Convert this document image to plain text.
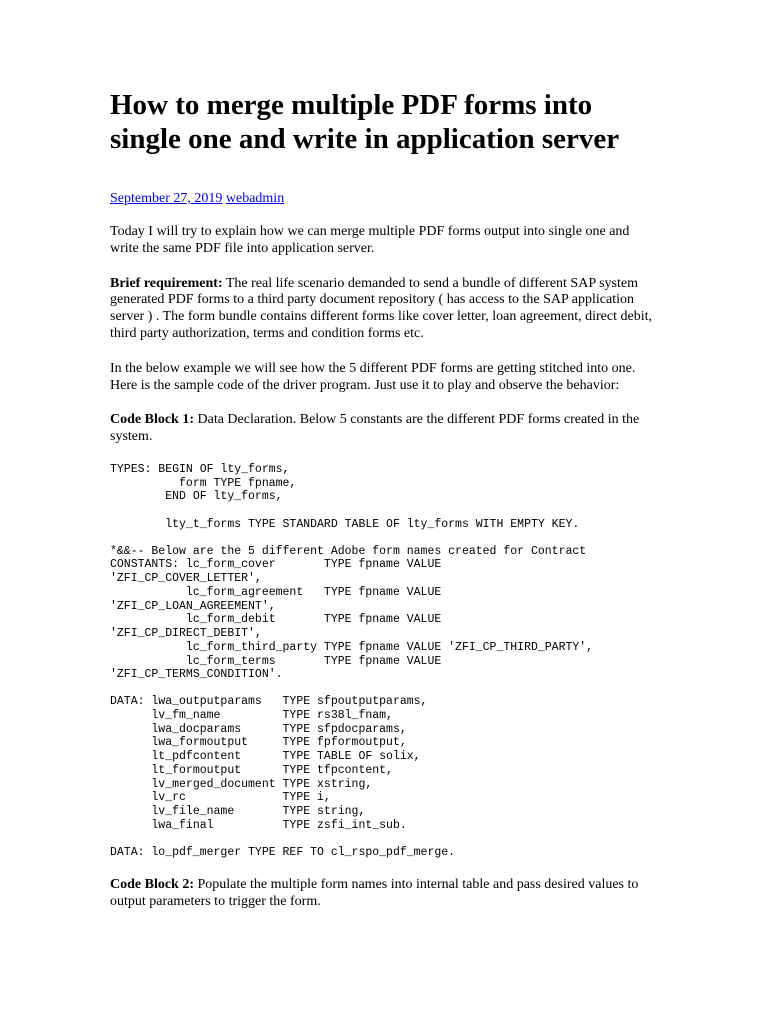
How to merge multiple PDF forms into single one and write in application server
September 27, 2019 webadmin

Today I will try to explain how we can merge multiple PDF forms output into single one and write the same PDF file into application server.

Brief requirement: The real life scenario demanded to send a bundle of different SAP system generated PDF forms to a third party document repository ( has access to the SAP application server ) . The form bundle contains different forms like cover letter, loan agreement, direct debit, third party authorization, terms and condition forms etc.

In the below example we will see how the 5 different PDF forms are getting stitched into one. Here is the sample code of the driver program. Just use it to play and observe the behavior:

Code Block 1: Data Declaration. Below 5 constants are the different PDF forms created in the system.

TYPES: BEGIN OF lty_forms,
form TYPE fpname,
END OF lty_forms,
lty_t_forms TYPE STANDARD TABLE OF lty_forms WITH EMPTY KEY.
*&&-- Below are the 5 different Adobe form names created for Contract
CONSTANTS: lc_form_cover       TYPE fpname VALUE
'ZFI_CP_COVER_LETTER',
lc_form_agreement   TYPE fpname VALUE
'ZFI_CP_LOAN_AGREEMENT',
lc_form_debit       TYPE fpname VALUE
'ZFI_CP_DIRECT_DEBIT',
lc_form_third_party TYPE fpname VALUE 'ZFI_CP_THIRD_PARTY',
lc_form_terms       TYPE fpname VALUE
'ZFI_CP_TERMS_CONDITION'.
DATA: lwa_outputparams   TYPE sfpoutputparams,
lv_fm_name         TYPE rs38l_fnam,
lwa_docparams      TYPE sfpdocparams,
lwa_formoutput     TYPE fpformoutput,
lt_pdfcontent      TYPE TABLE OF solix,
lt_formoutput      TYPE tfpcontent,
lv_merged_document TYPE xstring,
lv_rc              TYPE i,
lv_file_name       TYPE string,
lwa_final          TYPE zsfi_int_sub.
DATA: lo_pdf_merger TYPE REF TO cl_rspo_pdf_merge.

Code Block 2: Populate the multiple form names into internal table and pass desired values to output parameters to trigger the form.
